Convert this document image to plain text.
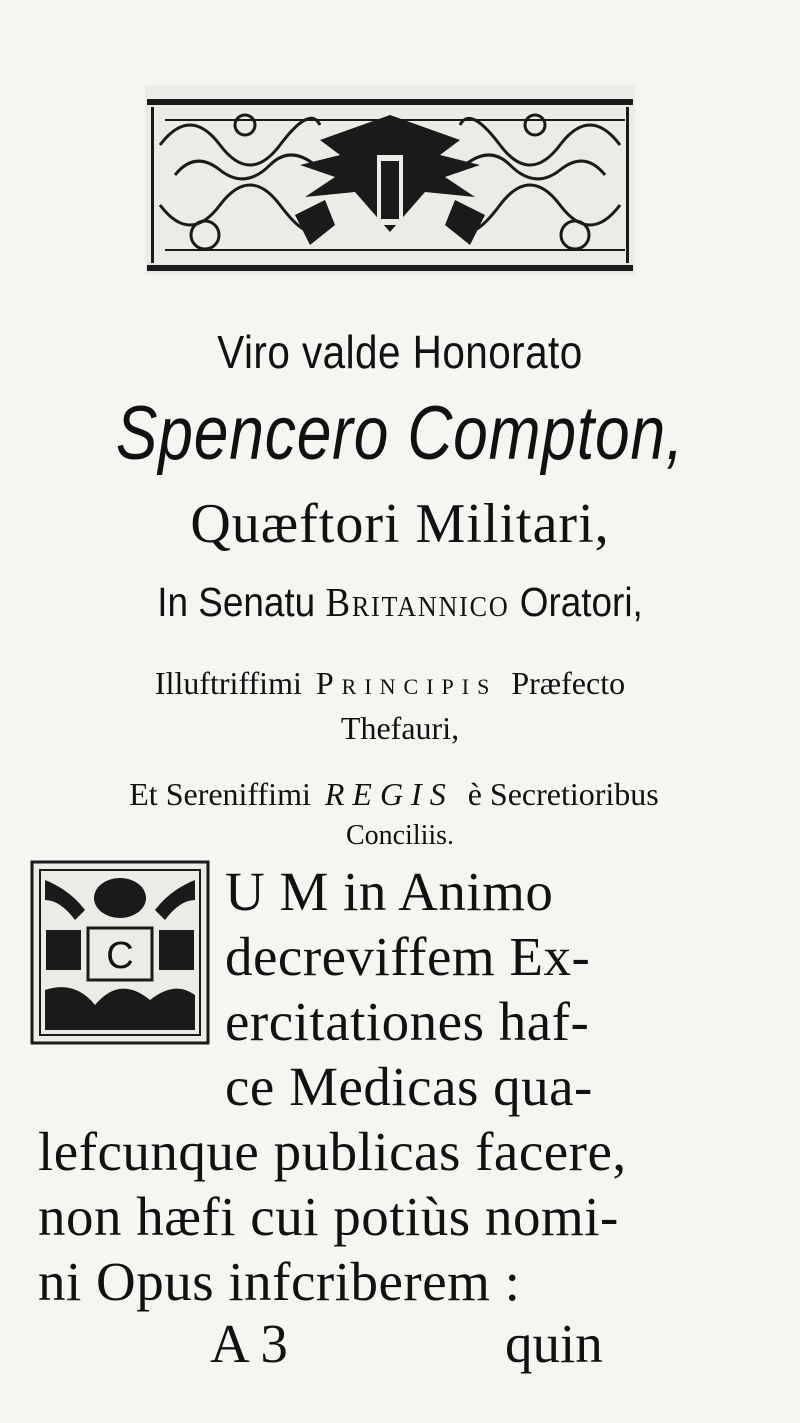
Viro valde Honorato
Spencero Compton,
Quæftori Militari,
In Senatu Britannico Oratori,
Illuftriffimi Principis Præfecto
Thefauri,
Et Sereniffimi REGIS è Secretioribus
Conciliis.
C
U M in Animo
decreviffem Ex-
ercitationes haf-
ce Medicas qua-
lefcunque publicas facere,
non hæfi cui potiùs nomi-
ni Opus infcriberem :
A 3	quin
